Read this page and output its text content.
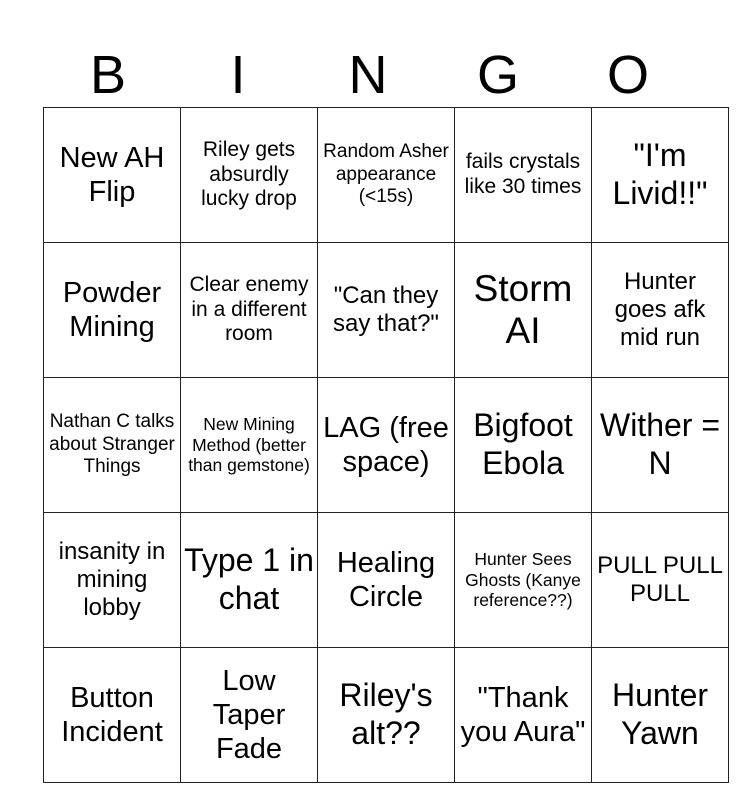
B	I	N	G	O
New AH Flip	Riley gets absurdly lucky drop	Random Asher appearance (<15s)	fails crystals like 30 times	"I'm Livid!!"
Powder Mining	Clear enemy in a different room	"Can they say that?"	Storm AI	Hunter goes afk mid run
Nathan C talks about Stranger Things	New Mining Method (better than gemstone)	LAG (free space)	Bigfoot Ebola	Wither = N
insanity in mining lobby	Type 1 in chat	Healing Circle	Hunter Sees Ghosts (Kanye reference??)	PULL PULL PULL
Button Incident	Low Taper Fade	Riley's alt??	"Thank you Aura"	Hunter Yawn
